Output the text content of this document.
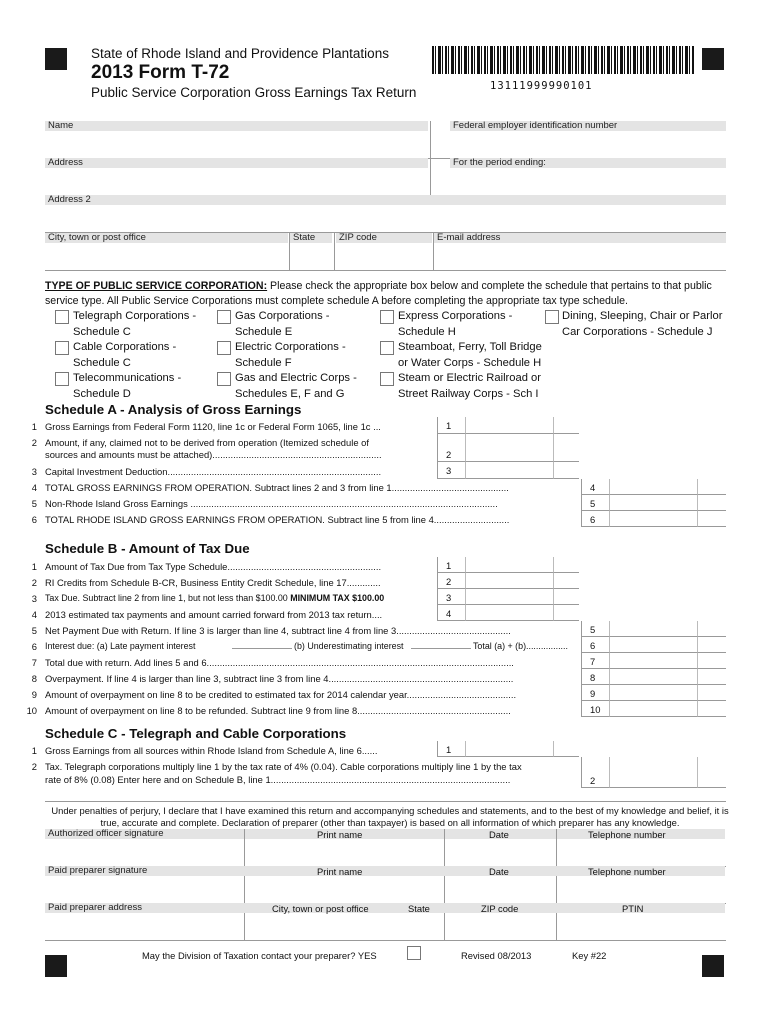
State of Rhode Island and Providence Plantations
2013 Form T-72
Public Service Corporation Gross Earnings Tax Return	13111999990101
Name	Federal employer identification number
Address	For the period ending:
Address 2
City, town or post office	State	ZIP code	E-mail address
TYPE OF PUBLIC SERVICE CORPORATION: Please check the appropriate box below and complete the schedule that pertains to that public service type. All Public Service Corporations must complete schedule A before completing the appropriate tax type schedule.
Telegraph Corporations -
Schedule C
Cable Corporations -
Schedule C
Telecommunications -
Schedule D
Gas Corporations -
Schedule E
Electric Corporations -
Schedule F
Gas and Electric Corps -
Schedules E, F and G
Express Corporations -
Schedule H
Steamboat, Ferry, Toll Bridge
or Water Corps - Schedule H
Steam or Electric Railroad or
Street Railway Corps - Sch I
Dining, Sleeping, Chair or Parlor
Car Corporations - Schedule J
Schedule A - Analysis of Gross Earnings
1 Gross Earnings from Federal Form 1120, line 1c or Federal Form 1065, line 1c ...	1
2 Amount, if any, claimed not to be derived from operation (Itemized schedule of
sources and amounts must be attached).................................................................	2
3 Capital Investment Deduction..................................................................................	3
4 TOTAL GROSS EARNINGS FROM OPERATION. Subtract lines 2 and 3 from line 1.............................................	4
5 Non-Rhode Island Gross Earnings ......................................................................................................................	5
6 TOTAL RHODE ISLAND GROSS EARNINGS FROM OPERATION. Subtract line 5 from line 4.............................	6
Schedule B - Amount of Tax Due
1 Amount of Tax Due from Tax Type Schedule...........................................................	1
2 RI Credits from Schedule B-CR, Business Entity Credit Schedule, line 17.............	2
3 Tax Due. Subtract line 2 from line 1, but not less than $100.00 MINIMUM TAX $100.00	3
4 2013 estimated tax payments and amount carried forward from 2013 tax return....	4
5 Net Payment Due with Return. If line 3 is larger than line 4, subtract line 4 from line 3............................................	5
6 Interest due: (a) Late payment interest	(b) Underestimating interest	Total (a) + (b).................	6
7 Total due with return. Add lines 5 and 6......................................................................................................................	7
8 Overpayment. If line 4 is larger than line 3, subtract line 3 from line 4.......................................................................	8
9 Amount of overpayment on line 8 to be credited to estimated tax for 2014 calendar year..........................................	9
10 Amount of overpayment on line 8 to be refunded. Subtract line 9 from line 8...........................................................	10
Schedule C - Telegraph and Cable Corporations
1 Gross Earnings from all sources within Rhode Island from Schedule A, line 6......	1
2 Tax. Telegraph corporations multiply line 1 by the tax rate of 4% (0.04). Cable corporations multiply line 1 by the tax
rate of 8% (0.08) Enter here and on Schedule B, line 1............................................................................................	2
Under penalties of perjury, I declare that I have examined this return and accompanying schedules and statements, and to the best of my knowledge and belief, it is true, accurate and complete. Declaration of preparer (other than taxpayer) is based on all information of which preparer has any knowledge.
Authorized officer signature	Print name	Date	Telephone number
Paid preparer signature	Print name	Date	Telephone number
Paid preparer address	City, town or post office	State	ZIP code	PTIN
May the Division of Taxation contact your preparer? YES	Revised 08/2013	Key #22
